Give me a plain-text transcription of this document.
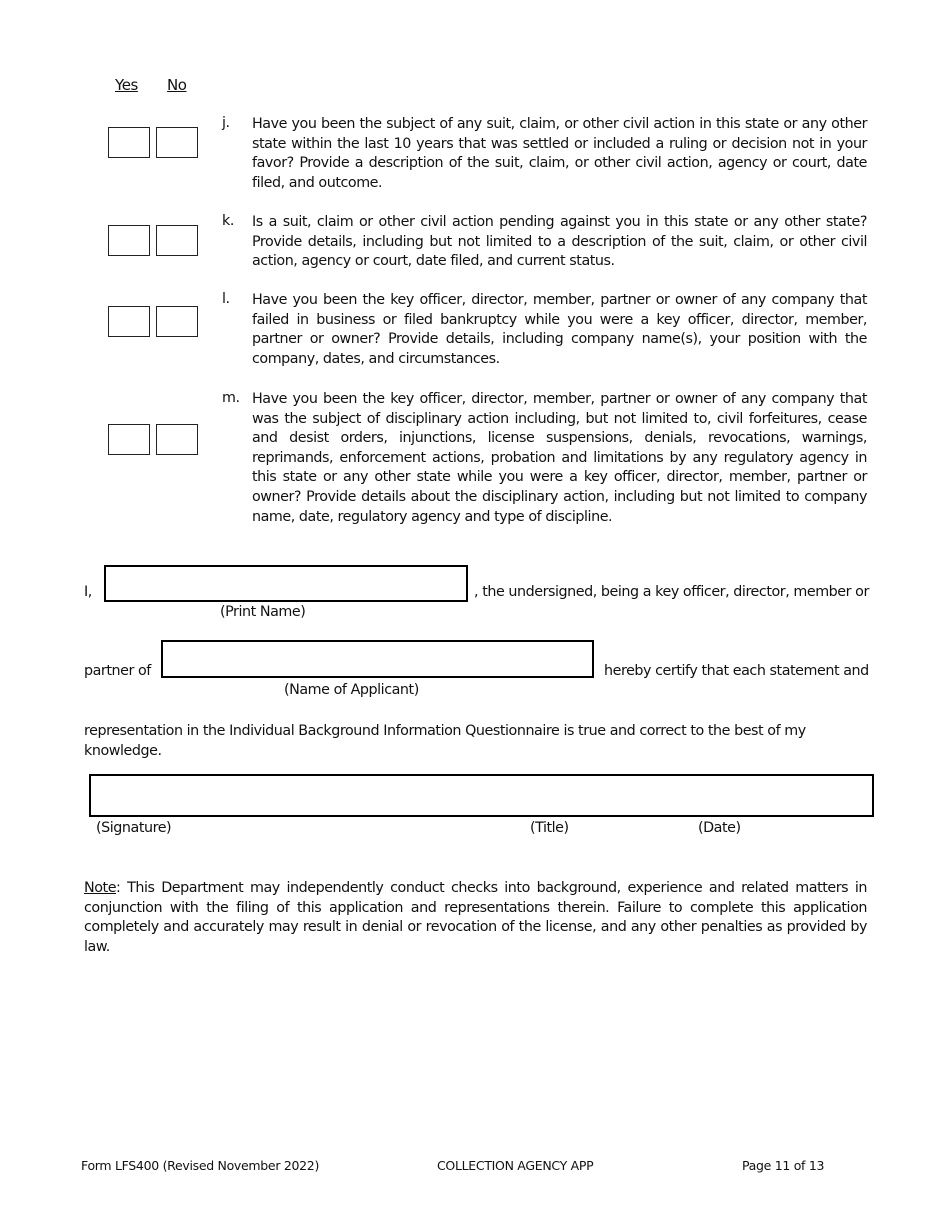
Yes No
j. Have you been the subject of any suit, claim, or other civil action in this state or any other state within the last 10 years that was settled or included a ruling or decision not in your favor? Provide a description of the suit, claim, or other civil action, agency or court, date filed, and outcome.

k. Is a suit, claim or other civil action pending against you in this state or any other state? Provide details, including but not limited to a description of the suit, claim, or other civil action, agency or court, date filed, and current status.

l. Have you been the key officer, director, member, partner or owner of any company that failed in business or filed bankruptcy while you were a key officer, director, member, partner or owner? Provide details, including company name(s), your position with the company, dates, and circumstances.

m. Have you been the key officer, director, member, partner or owner of any company that was the subject of disciplinary action including, but not limited to, civil forfeitures, cease and desist orders, injunctions, license suspensions, denials, revocations, warnings, reprimands, enforcement actions, probation and limitations by any regulatory agency in this state or any other state while you were a key officer, director, member, partner or owner? Provide details about the disciplinary action, including but not limited to company name, date, regulatory agency and type of discipline.

I,	, the undersigned, being a key officer, director, member or
(Print Name)
partner of	hereby certify that each statement and
(Name of Applicant)

representation in the Individual Background Information Questionnaire is true and correct to the best of my knowledge.

(Signature)	(Title)	(Date)

Note: This Department may independently conduct checks into background, experience and related matters in conjunction with the filing of this application and representations therein. Failure to complete this application completely and accurately may result in denial or revocation of the license, and any other penalties as provided by law.

Form LFS400 (Revised November 2022)	COLLECTION AGENCY APP	Page 11 of 13
